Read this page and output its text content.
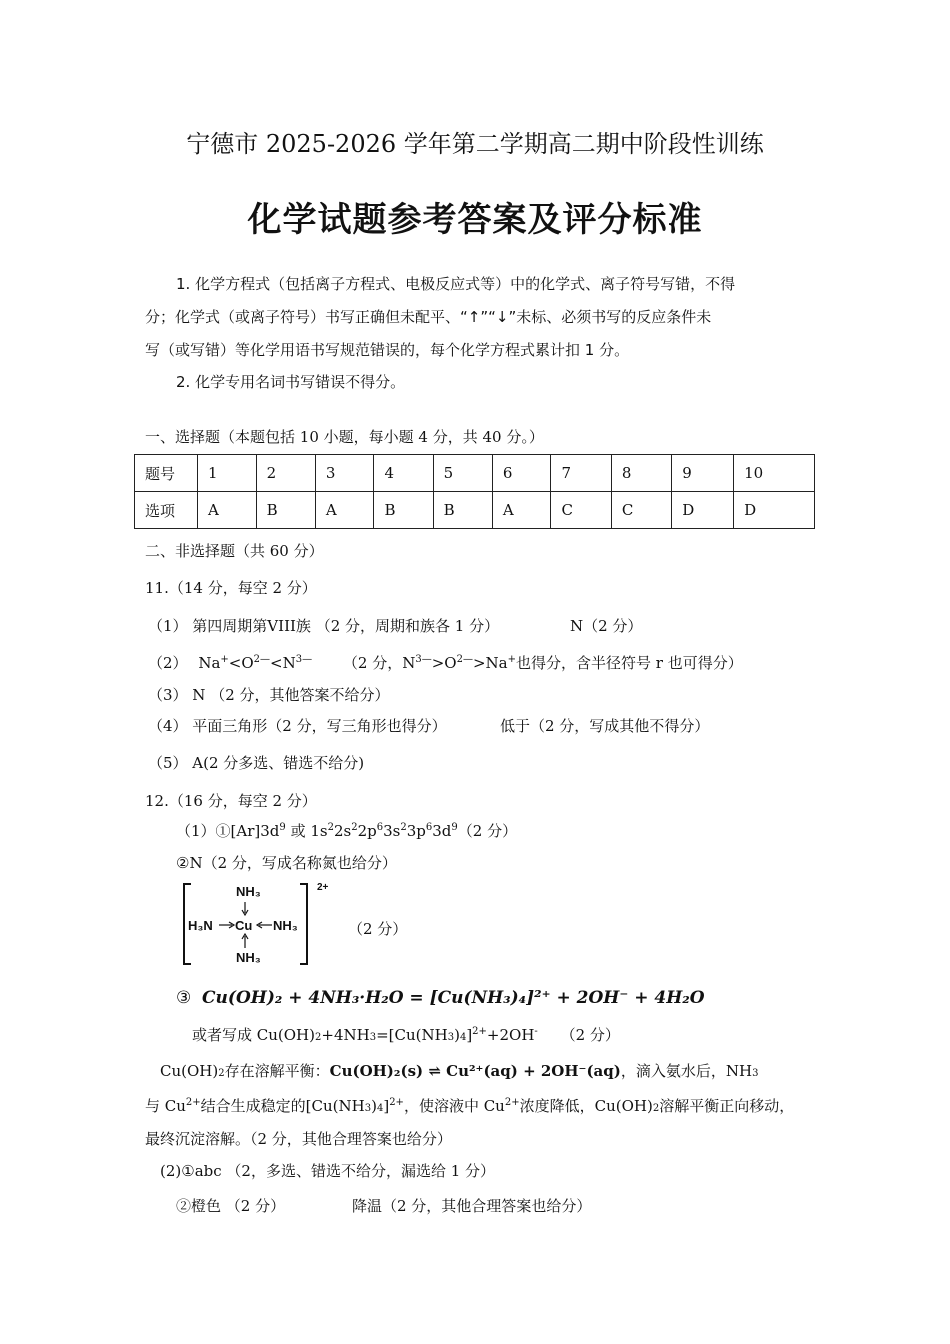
宁德市 2025-2026 学年第二学期高二期中阶段性训练
化学试题参考答案及评分标准
1. 化学方程式（包括离子方程式、电极反应式等）中的化学式、离子符号写错，不得
分；化学式（或离子符号）书写正确但未配平、“↑”“↓”未标、必须书写的反应条件未
写（或写错）等化学用语书写规范错误的，每个化学方程式累计扣 1 分。
2. 化学专用名词书写错误不得分。
一、选择题（本题包括 10 小题，每小题 4 分，共 40 分。）
题号	1	2	3	4	5	6	7	8	9	10
选项	A	B	A	B	B	A	C	C	D	D
二、非选择题（共 60 分）
11.（14 分，每空 2 分）
（1） 第四周期第VIII族 （2 分，周期和族各 1 分）	N（2 分）
（2） $Na^+<O^{2—}<N^{3—}$ （2 分，$N^{3—}>O^{2—}>Na^+$也得分，含半径符号 r 也可得分）
（3） N （2 分，其他答案不给分）
（4） 平面三角形（2 分，写三角形也得分）	低于（2 分，写成其他不得分）
（5） A(2 分多选、错选不给分)
12.（16 分，每空 2 分）
$(1)①[Ar]3d^9$ 或 $1s^22s^22p^63s^23p^63d^9(2$ 分）
②N（2 分，写成名称氮也给分）
NH₃
H₃N Cu NH₃
NH₃
2+
（2 分）
③ Cu(OH)₂ + 4NH₃·H₂O = [Cu(NH₃)₄]²⁺ + 2OH⁻ + 4H₂O
或者写成 $Cu(OH)2+4NH3=[Cu(NH3)4]^{2+}+2OH^-$ （2 分）
Cu(OH)2存在溶解平衡：Cu(OH)₂(s) ⇌ Cu²⁺(aq) + 2OH⁻(aq)，滴入氨水后，NH3
与 $Cu^{2+}$结合生成稳定的$[Cu(NH3)4]^{2+}$，使溶液中 $Cu^{2+}$浓度降低，Cu(OH)2溶解平衡正向移动，
最终沉淀溶解。（2 分，其他合理答案也给分）
(2)①abc （2，多选、错选不给分，漏选给 1 分）
②橙色 （2 分）	降温（2 分，其他合理答案也给分）
